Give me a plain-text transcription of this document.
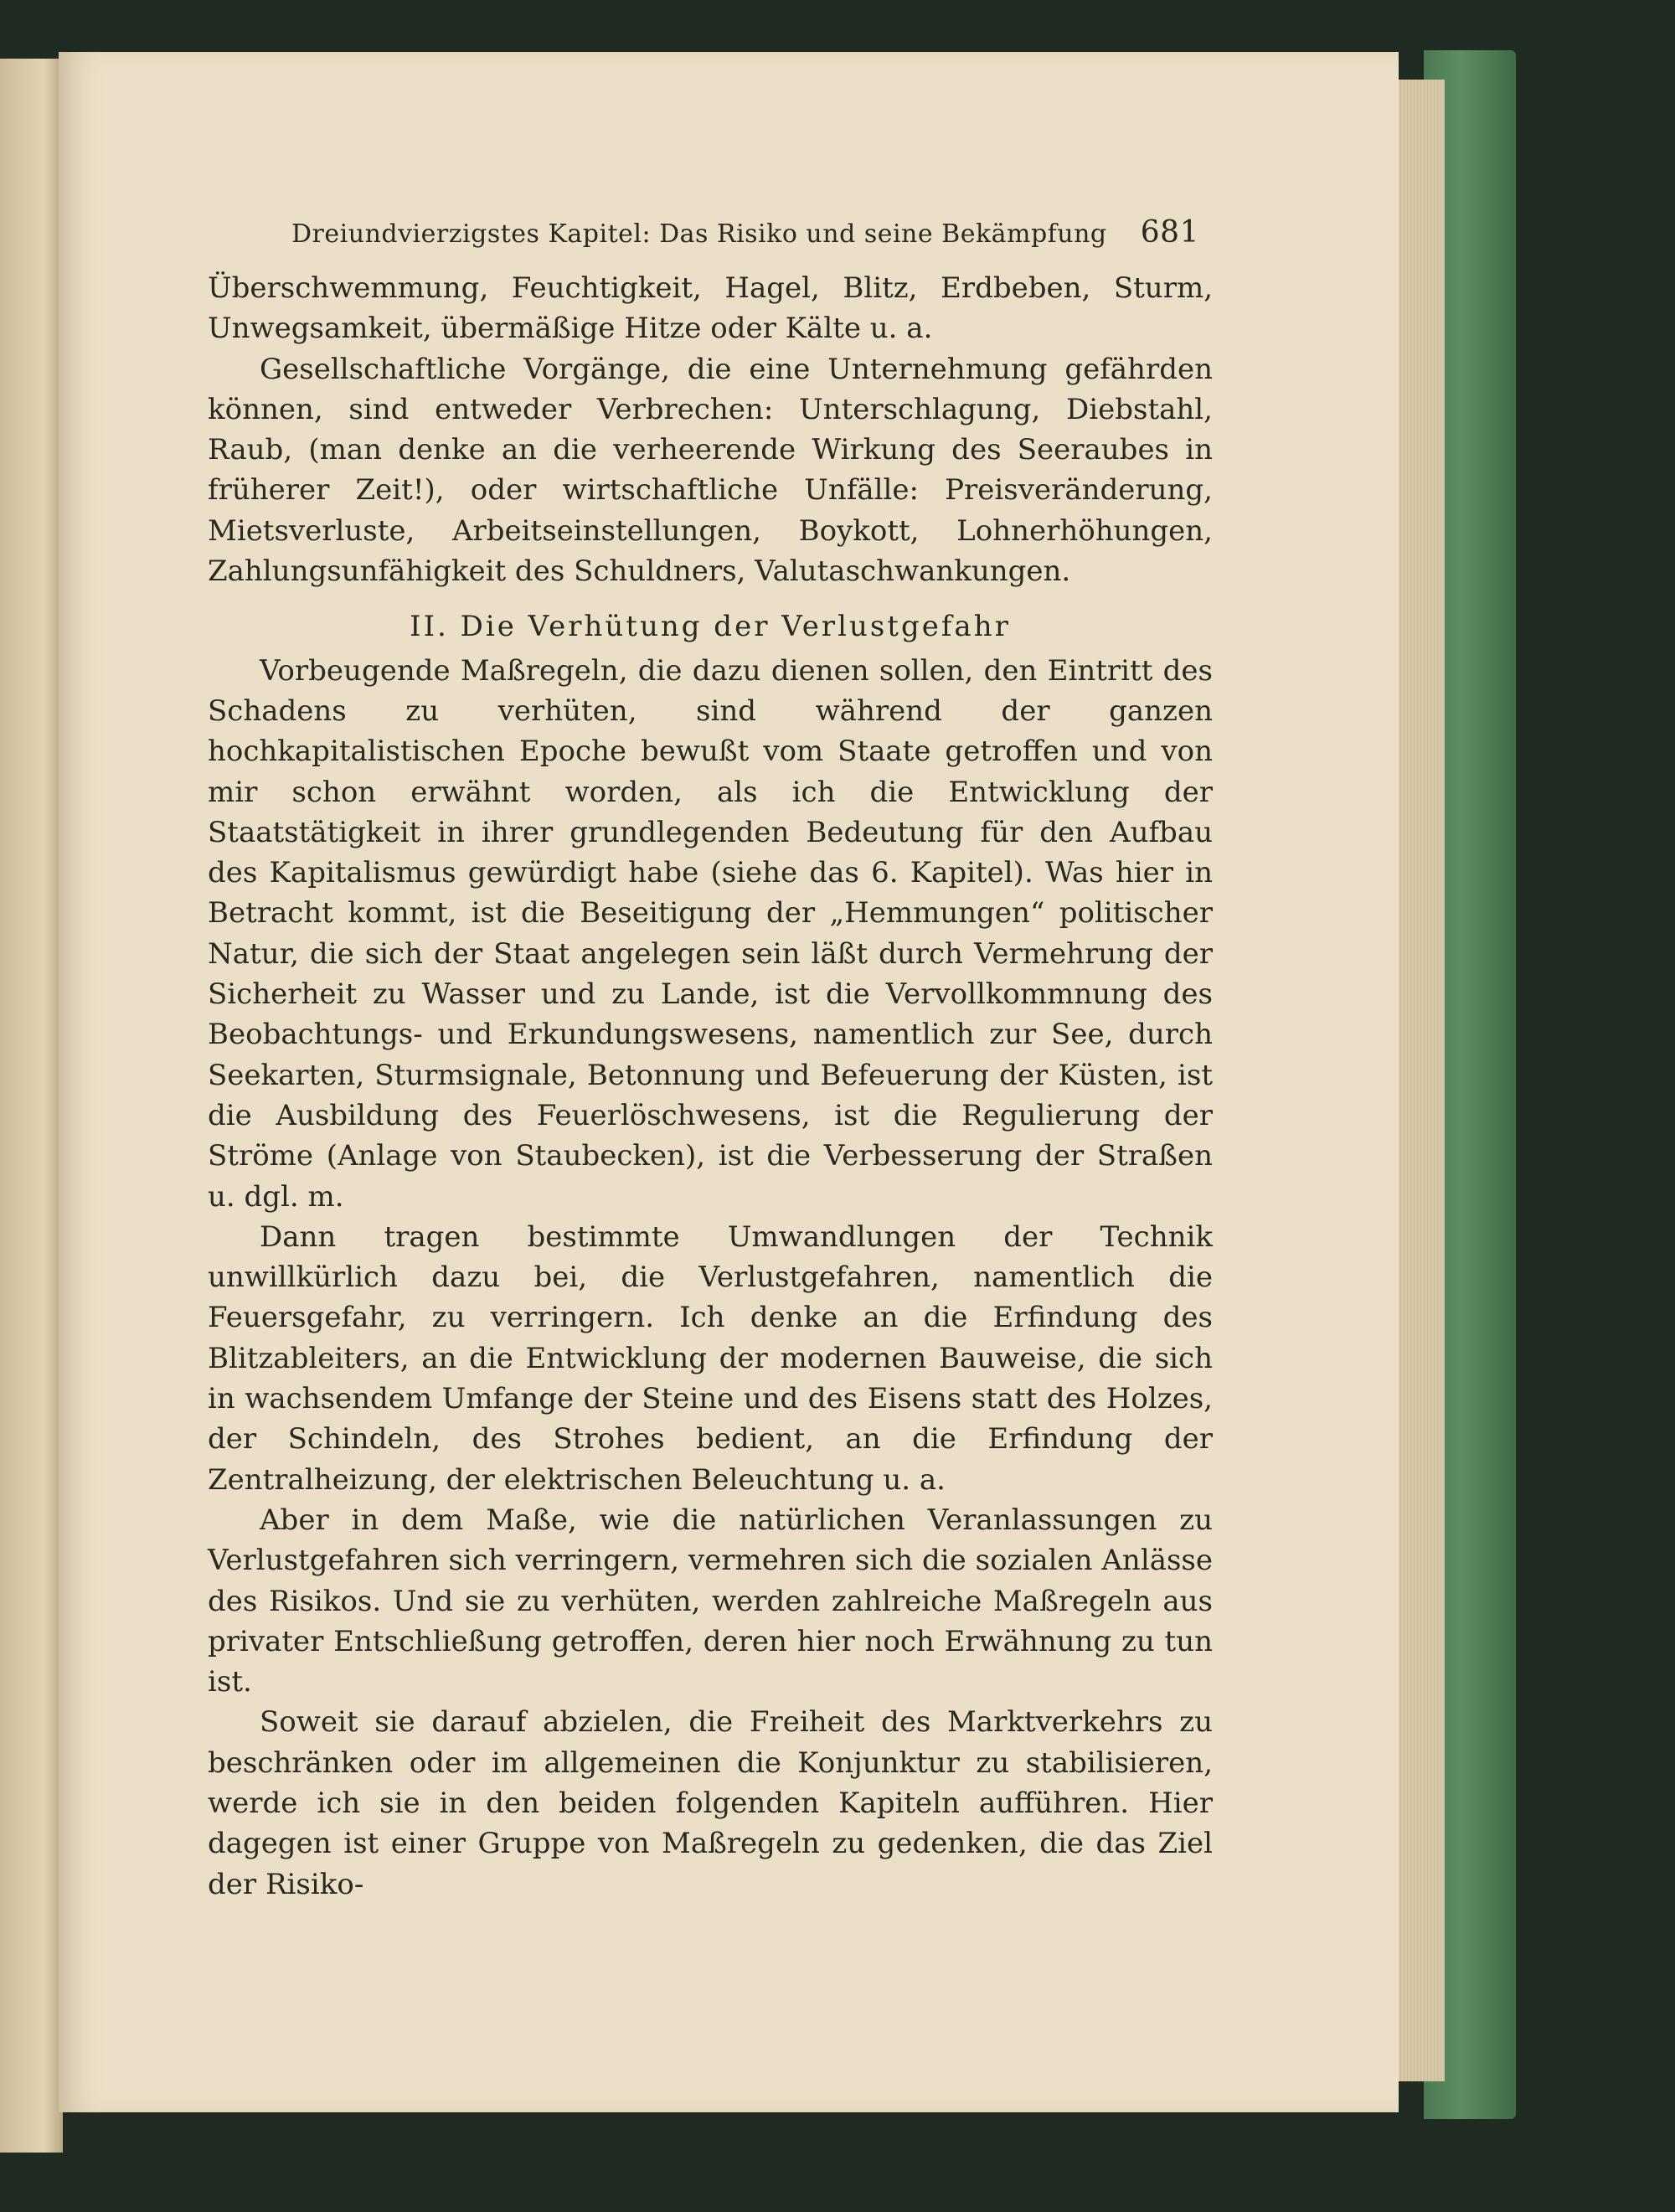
Dreiundvierzigstes Kapitel: Das Risiko und seine Bekämpfung 681

Überschwemmung, Feuchtigkeit, Hagel, Blitz, Erdbeben, Sturm, Unwegsamkeit, übermäßige Hitze oder Kälte u. a.

Gesellschaftliche Vorgänge, die eine Unternehmung gefährden können, sind entweder Verbrechen: Unterschlagung, Diebstahl, Raub, (man denke an die verheerende Wirkung des Seeraubes in früherer Zeit!), oder wirtschaftliche Unfälle: Preisveränderung, Mietsverluste, Arbeitseinstellungen, Boykott, Lohnerhöhungen, Zahlungsunfähigkeit des Schuldners, Valutaschwankungen.

II. Die Verhütung der Verlustgefahr

Vorbeugende Maßregeln, die dazu dienen sollen, den Eintritt des Schadens zu verhüten, sind während der ganzen hochkapitalistischen Epoche bewußt vom Staate getroffen und von mir schon erwähnt worden, als ich die Entwicklung der Staatstätigkeit in ihrer grundlegenden Bedeutung für den Aufbau des Kapitalismus gewürdigt habe (siehe das 6. Kapitel). Was hier in Betracht kommt, ist die Beseitigung der „Hemmungen“ politischer Natur, die sich der Staat angelegen sein läßt durch Vermehrung der Sicherheit zu Wasser und zu Lande, ist die Vervollkommnung des Beobachtungs- und Erkundungswesens, namentlich zur See, durch Seekarten, Sturmsignale, Betonnung und Befeuerung der Küsten, ist die Ausbildung des Feuerlöschwesens, ist die Regulierung der Ströme (Anlage von Staubecken), ist die Verbesserung der Straßen u. dgl. m.

Dann tragen bestimmte Umwandlungen der Technik unwillkürlich dazu bei, die Verlustgefahren, namentlich die Feuersgefahr, zu verringern. Ich denke an die Erfindung des Blitzableiters, an die Entwicklung der modernen Bauweise, die sich in wachsendem Umfange der Steine und des Eisens statt des Holzes, der Schindeln, des Strohes bedient, an die Erfindung der Zentralheizung, der elektrischen Beleuchtung u. a.

Aber in dem Maße, wie die natürlichen Veranlassungen zu Verlustgefahren sich verringern, vermehren sich die sozialen Anlässe des Risikos. Und sie zu verhüten, werden zahlreiche Maßregeln aus privater Entschließung getroffen, deren hier noch Erwähnung zu tun ist.

Soweit sie darauf abzielen, die Freiheit des Marktverkehrs zu beschränken oder im allgemeinen die Konjunktur zu stabilisieren, werde ich sie in den beiden folgenden Kapiteln aufführen. Hier dagegen ist einer Gruppe von Maßregeln zu gedenken, die das Ziel der Risiko-
